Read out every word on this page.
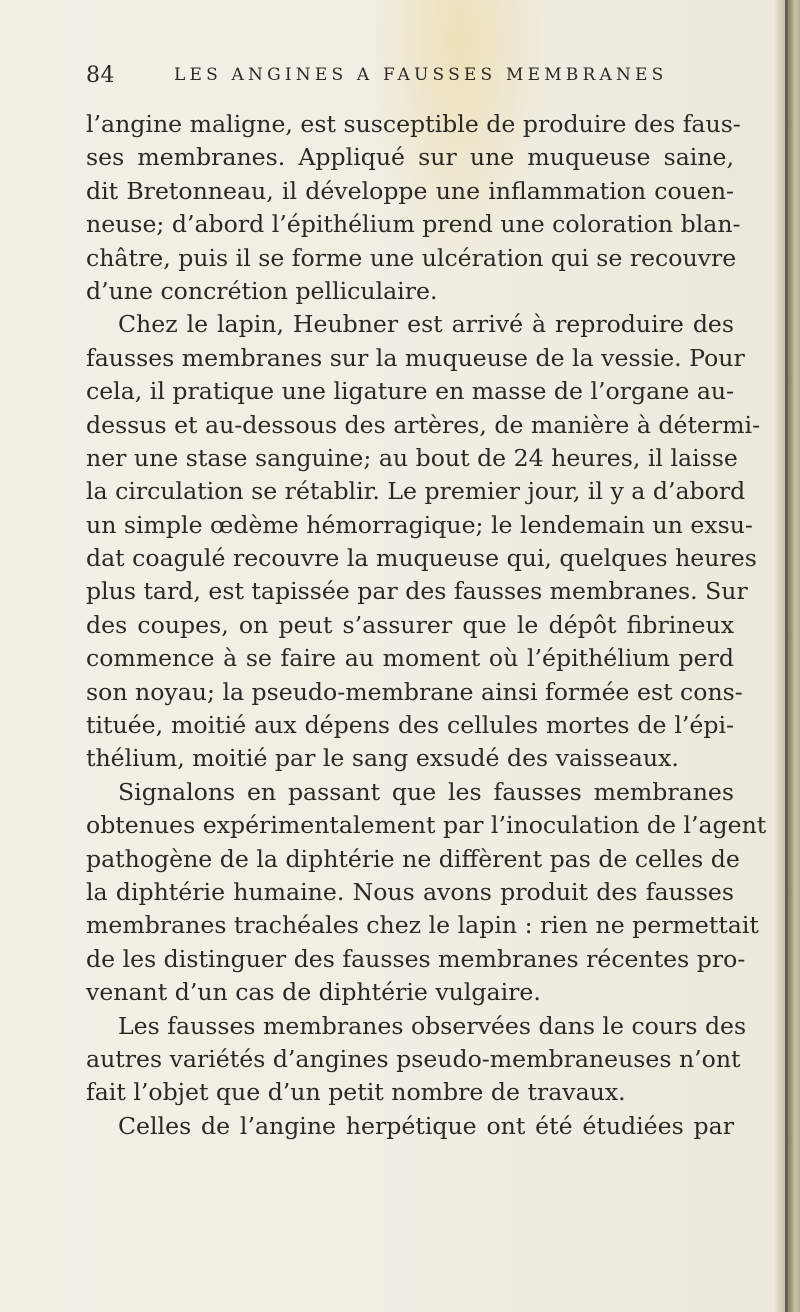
84	LES ANGINES A FAUSSES MEMBRANES
l’angine maligne, est susceptible de produire des faus-
ses membranes. Appliqué sur une muqueuse saine,
dit Bretonneau, il développe une inflammation couen-
neuse; d’abord l’épithélium prend une coloration blan-
châtre, puis il se forme une ulcération qui se recouvre
d’une concrétion pelliculaire.
Chez le lapin, Heubner est arrivé à reproduire des
fausses membranes sur la muqueuse de la vessie. Pour
cela, il pratique une ligature en masse de l’organe au-
dessus et au-dessous des artères, de manière à détermi-
ner une stase sanguine; au bout de 24 heures, il laisse
la circulation se rétablir. Le premier jour, il y a d’abord
un simple œdème hémorragique; le lendemain un exsu-
dat coagulé recouvre la muqueuse qui, quelques heures
plus tard, est tapissée par des fausses membranes. Sur
des coupes, on peut s’assurer que le dépôt fibrineux
commence à se faire au moment où l’épithélium perd
son noyau; la pseudo-membrane ainsi formée est cons-
tituée, moitié aux dépens des cellules mortes de l’épi-
thélium, moitié par le sang exsudé des vaisseaux.
Signalons en passant que les fausses membranes
obtenues expérimentalement par l’inoculation de l’agent
pathogène de la diphtérie ne diffèrent pas de celles de
la diphtérie humaine. Nous avons produit des fausses
membranes trachéales chez le lapin : rien ne permettait
de les distinguer des fausses membranes récentes pro-
venant d’un cas de diphtérie vulgaire.
Les fausses membranes observées dans le cours des
autres variétés d’angines pseudo-membraneuses n’ont
fait l’objet que d’un petit nombre de travaux.
Celles de l’angine herpétique ont été étudiées par
